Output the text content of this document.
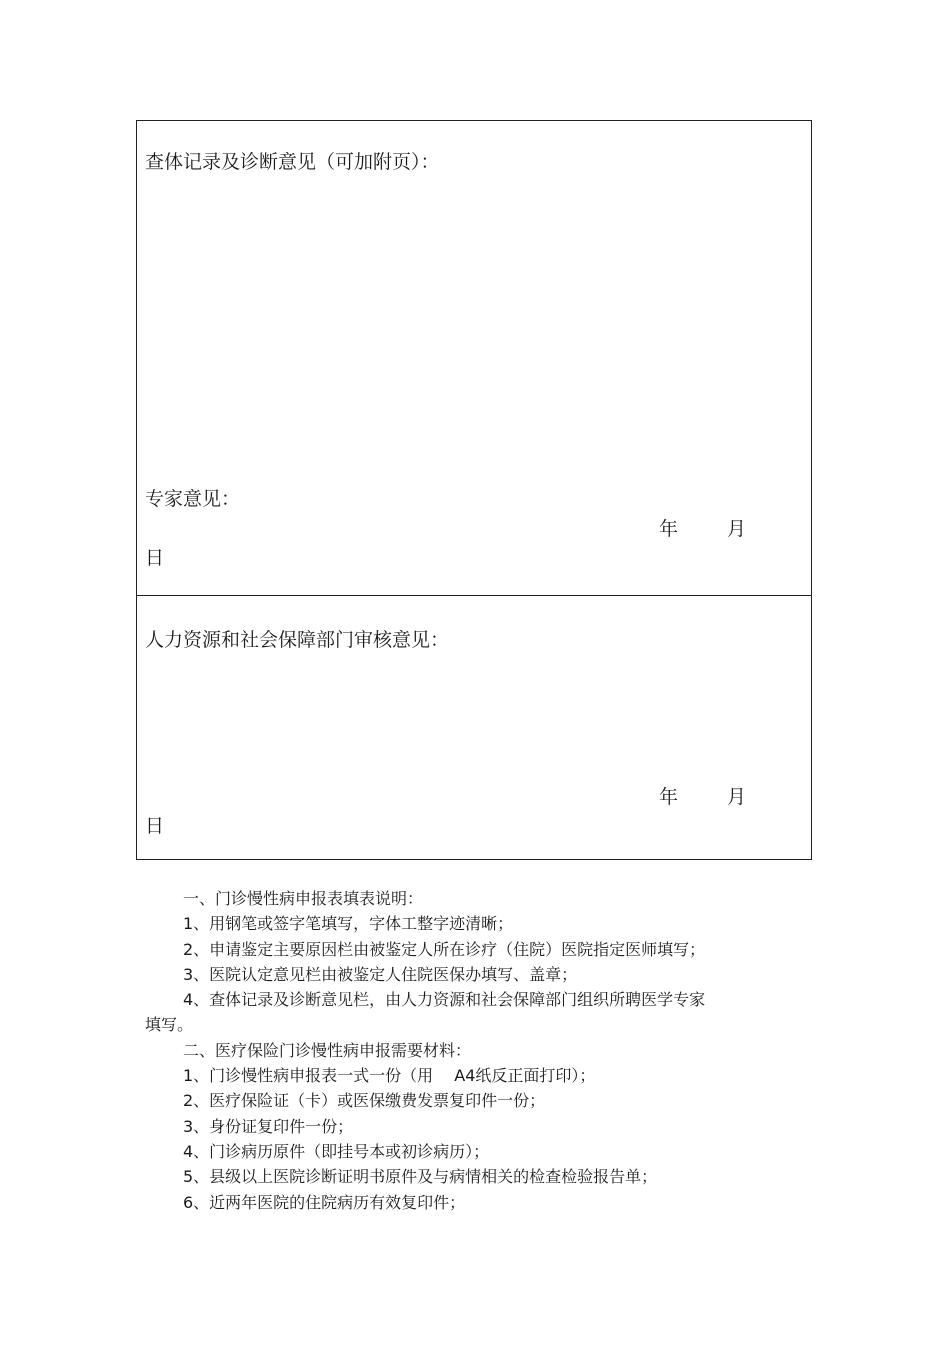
查体记录及诊断意见（可加附页）：
专家意见：
年	月
日
人力资源和社会保障部门审核意见：
年	月
日
一、门诊慢性病申报表填表说明：
1、用钢笔或签字笔填写，字体工整字迹清晰；
2、申请鉴定主要原因栏由被鉴定人所在诊疗（住院）医院指定医师填写；
3、医院认定意见栏由被鉴定人住院医保办填写、盖章；
4、查体记录及诊断意见栏，由人力资源和社会保障部门组织所聘医学专家
填写。
二、医疗保险门诊慢性病申报需要材料：
1、门诊慢性病申报表一式一份（用　 A4纸反正面打印）；
2、医疗保险证（卡）或医保缴费发票复印件一份；
3、身份证复印件一份；
4、门诊病历原件（即挂号本或初诊病历）；
5、县级以上医院诊断证明书原件及与病情相关的检查检验报告单；
6、近两年医院的住院病历有效复印件；
